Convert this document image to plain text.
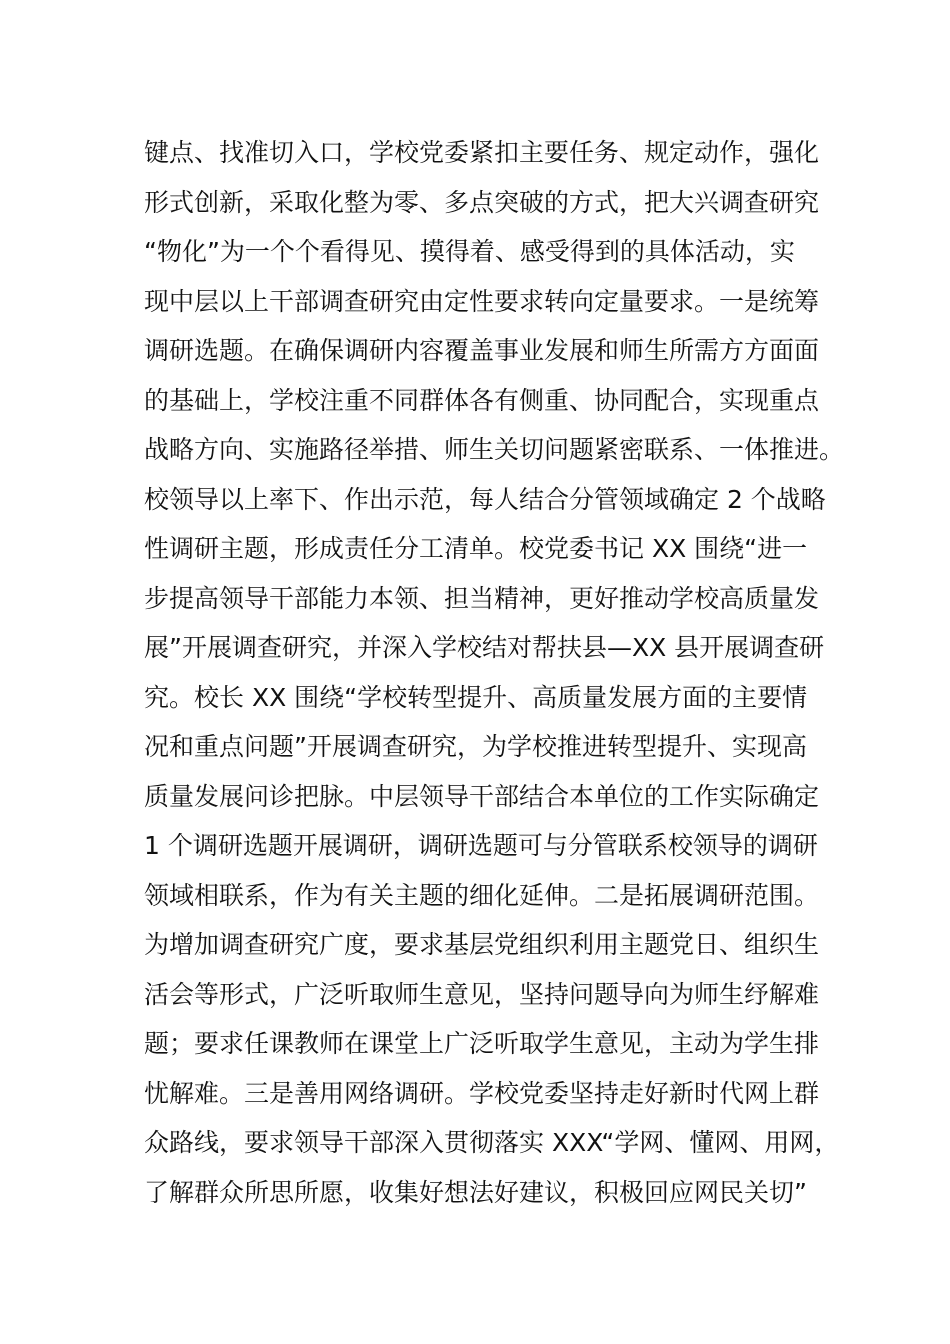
键点、找准切入口，学校党委紧扣主要任务、规定动作，强化
形式创新，采取化整为零、多点突破的方式，把大兴调查研究
“物化”为一个个看得见、摸得着、感受得到的具体活动，实
现中层以上干部调查研究由定性要求转向定量要求。一是统筹
调研选题。在确保调研内容覆盖事业发展和师生所需方方面面
的基础上，学校注重不同群体各有侧重、协同配合，实现重点
战略方向、实施路径举措、师生关切问题紧密联系、一体推进。
校领导以上率下、作出示范，每人结合分管领域确定 2 个战略
性调研主题，形成责任分工清单。校党委书记 XX 围绕“进一
步提高领导干部能力本领、担当精神，更好推动学校高质量发
展”开展调查研究，并深入学校结对帮扶县—XX 县开展调查研
究。校长 XX 围绕“学校转型提升、高质量发展方面的主要情
况和重点问题”开展调查研究，为学校推进转型提升、实现高
质量发展问诊把脉。中层领导干部结合本单位的工作实际确定
1 个调研选题开展调研，调研选题可与分管联系校领导的调研
领域相联系，作为有关主题的细化延伸。二是拓展调研范围。
为增加调查研究广度，要求基层党组织利用主题党日、组织生
活会等形式，广泛听取师生意见，坚持问题导向为师生纾解难
题；要求任课教师在课堂上广泛听取学生意见，主动为学生排
忧解难。三是善用网络调研。学校党委坚持走好新时代网上群
众路线，要求领导干部深入贯彻落实 XXX“学网、懂网、用网，
了解群众所思所愿，收集好想法好建议，积极回应网民关切”
